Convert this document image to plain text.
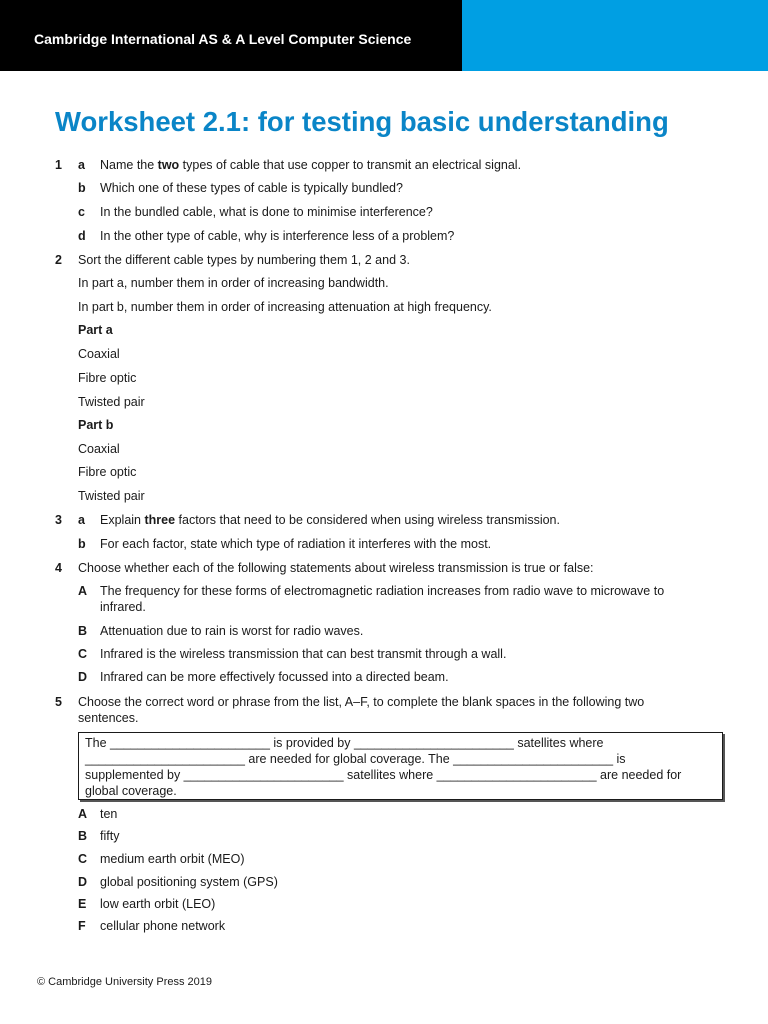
Cambridge International AS & A Level Computer Science
Worksheet 2.1: for testing basic understanding
1 a Name the two types of cable that use copper to transmit an electrical signal.
b Which one of these types of cable is typically bundled?
c In the bundled cable, what is done to minimise interference?
d In the other type of cable, why is interference less of a problem?
2 Sort the different cable types by numbering them 1, 2 and 3.
In part a, number them in order of increasing bandwidth.
In part b, number them in order of increasing attenuation at high frequency.
Part a
Coaxial
Fibre optic
Twisted pair
Part b
Coaxial
Fibre optic
Twisted pair
3 a Explain three factors that need to be considered when using wireless transmission.
b For each factor, state which type of radiation it interferes with the most.
4 Choose whether each of the following statements about wireless transmission is true or false:
A The frequency for these forms of electromagnetic radiation increases from radio wave to microwave to
infrared.
B Attenuation due to rain is worst for radio waves.
C Infrared is the wireless transmission that can best transmit through a wall.
D Infrared can be more effectively focussed into a directed beam.
5 Choose the correct word or phrase from the list, A–F, to complete the blank spaces in the following two
sentences.

The _______________________ is provided by _______________________ satellites where

_______________________ are needed for global coverage. The _______________________ is

supplemented by _______________________ satellites where _______________________ are needed for

global coverage.

A ten
B fifty
C medium earth orbit (MEO)
D global positioning system (GPS)
E low earth orbit (LEO)
F cellular phone network
© Cambridge University Press 2019
